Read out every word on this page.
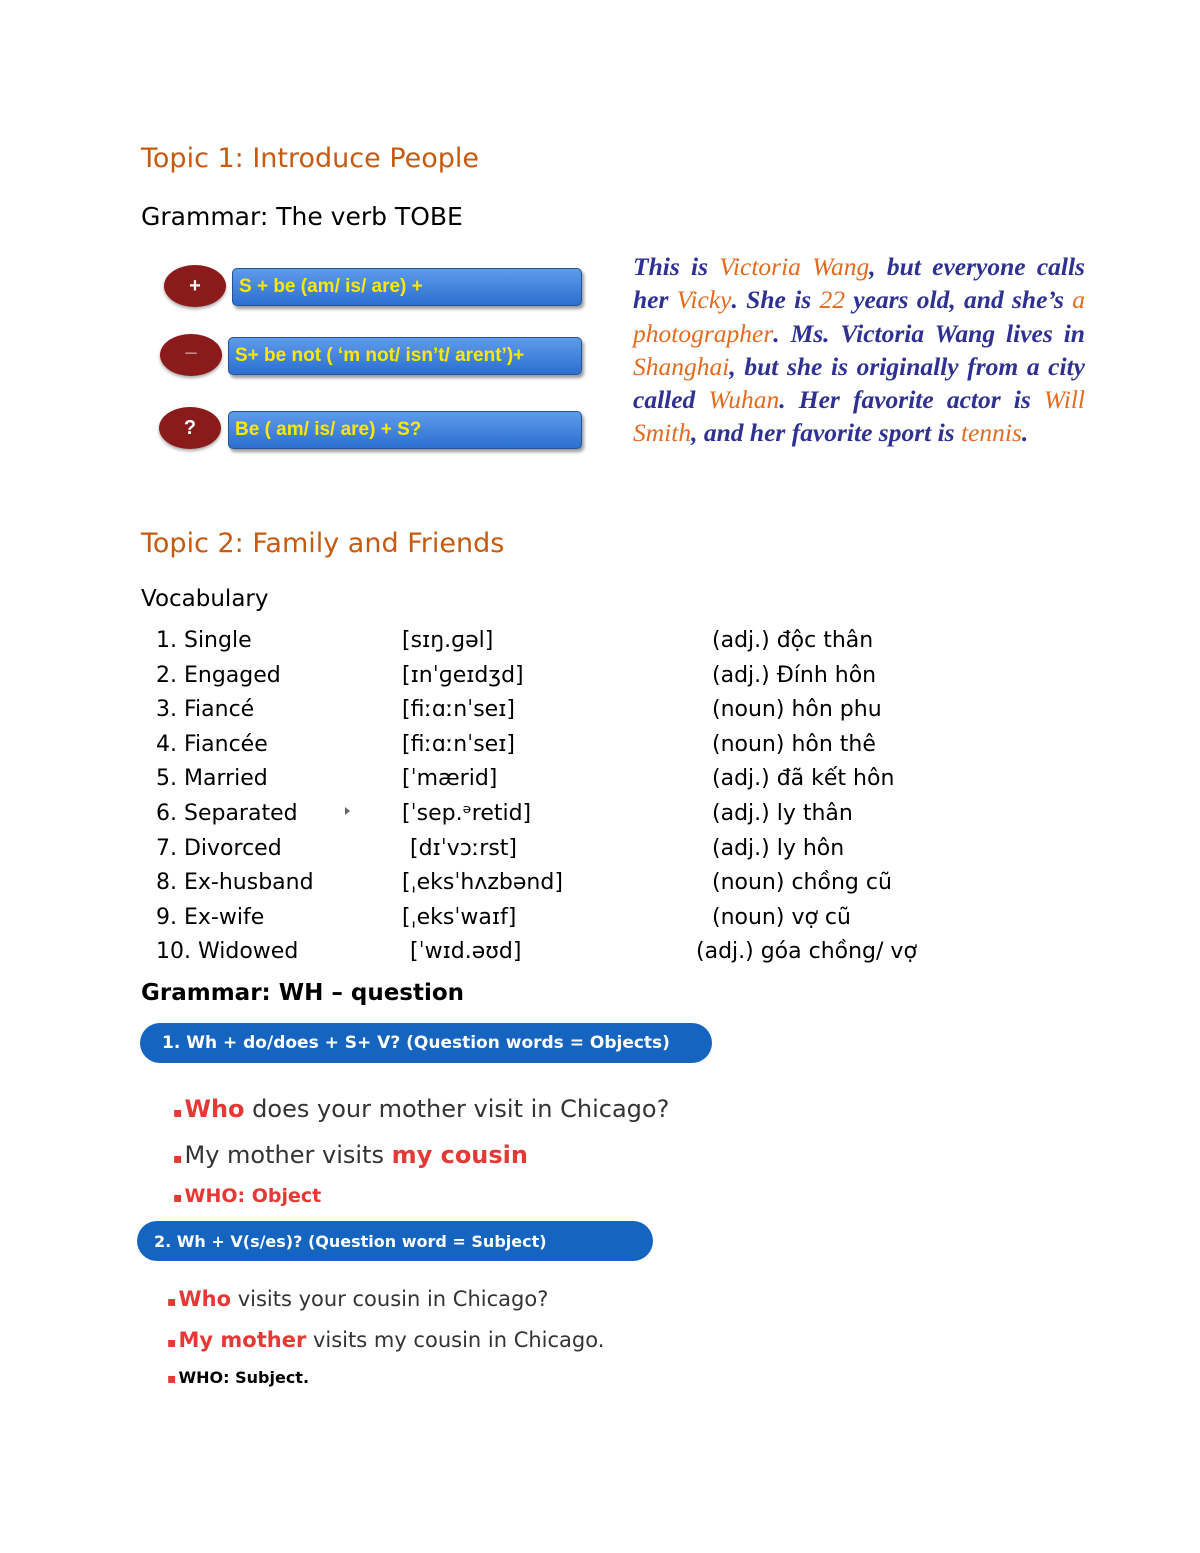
Topic 1: Introduce People
Grammar: The verb TOBE
+	S + be (am/ is/ are) +
_	S+ be not ( ‘m not/ isn’t/ arent’)+
?	Be ( am/ is/ are) + S?
This is Victoria Wang, but everyone calls her Vicky. She is 22 years old, and she’s a photographer. Ms. Victoria Wang lives in Shanghai, but she is originally from a city called Wuhan. Her favorite actor is Will Smith, and her favorite sport is tennis.
Topic 2: Family and Friends
Vocabulary
1. Single	[sɪŋ.ɡəl]	(adj.) độc thân
2. Engaged	[ɪnˈɡeɪdʒd]	(adj.) Đính hôn
3. Fiancé	[fiːɑːnˈseɪ]	(noun) hôn phu
4. Fiancée	[fiːɑːnˈseɪ]	(noun) hôn thê
5. Married	[ˈmærid]	(adj.) đã kết hôn
6. Separated	[ˈsep.ᵊretid]	(adj.) ly thân
7. Divorced	[dɪˈvɔːrst]	(adj.) ly hôn
8. Ex-husband	[ˌeksˈhʌzbənd]	(noun) chồng cũ
9. Ex-wife	[ˌeksˈwaɪf]	(noun) vợ cũ
10. Widowed	[ˈwɪd.əʊd]	(adj.) góa chồng/ vợ
Grammar: WH – question
1. Wh + do/does + S+ V? (Question words = Objects)
▪Who does your mother visit in Chicago?
▪My mother visits my cousin
▪ WHO: Object
2. Wh + V(s/es)? (Question word = Subject)
▪Who visits your cousin in Chicago?
▪My mother visits my cousin in Chicago.
▪ WHO: Subject.
